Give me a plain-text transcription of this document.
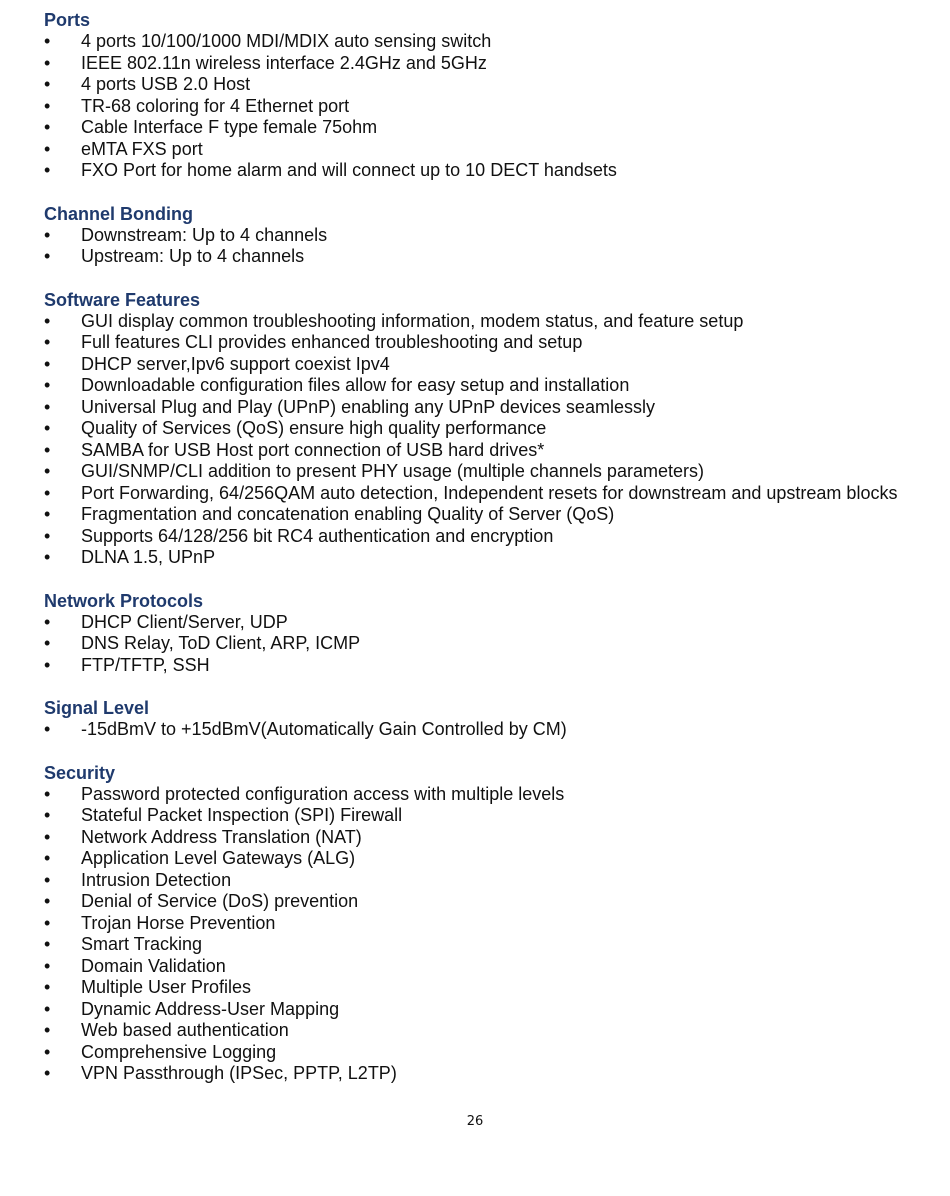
Ports
•	4 ports 10/100/1000 MDI/MDIX auto sensing switch
•	IEEE 802.11n wireless interface 2.4GHz and 5GHz
•	4 ports USB 2.0 Host
•	TR-68 coloring for 4 Ethernet port
•	Cable Interface F type female 75ohm
•	eMTA FXS port
•	FXO Port for home alarm and will connect up to 10 DECT handsets
Channel Bonding
•	Downstream: Up to 4 channels
•	Upstream: Up to 4 channels
Software Features
•	GUI display common troubleshooting information, modem status, and feature setup
•	Full features CLI provides enhanced troubleshooting and setup
•	DHCP server,Ipv6 support coexist Ipv4
•	Downloadable configuration files allow for easy setup and installation
•	Universal Plug and Play (UPnP) enabling any UPnP devices seamlessly
•	Quality of Services (QoS) ensure high quality performance
•	SAMBA for USB Host port connection of USB hard drives*
•	GUI/SNMP/CLI addition to present PHY usage (multiple channels parameters)
•	Port Forwarding, 64/256QAM auto detection, Independent resets for downstream and upstream blocks
•	Fragmentation and concatenation enabling Quality of Server (QoS)
•	Supports 64/128/256 bit RC4 authentication and encryption
•	DLNA 1.5, UPnP
Network Protocols
•	DHCP Client/Server, UDP
•	DNS Relay, ToD Client, ARP, ICMP
•	FTP/TFTP, SSH
Signal Level
•	-15dBmV to +15dBmV(Automatically Gain Controlled by CM)
Security
•	Password protected configuration access with multiple levels
•	Stateful Packet Inspection (SPI) Firewall
•	Network Address Translation (NAT)
•	Application Level Gateways (ALG)
•	Intrusion Detection
•	Denial of Service (DoS) prevention
•	Trojan Horse Prevention
•	Smart Tracking
•	Domain Validation
•	Multiple User Profiles
•	Dynamic Address-User Mapping
•	Web based authentication
•	Comprehensive Logging
•	VPN Passthrough (IPSec, PPTP, L2TP)
26
